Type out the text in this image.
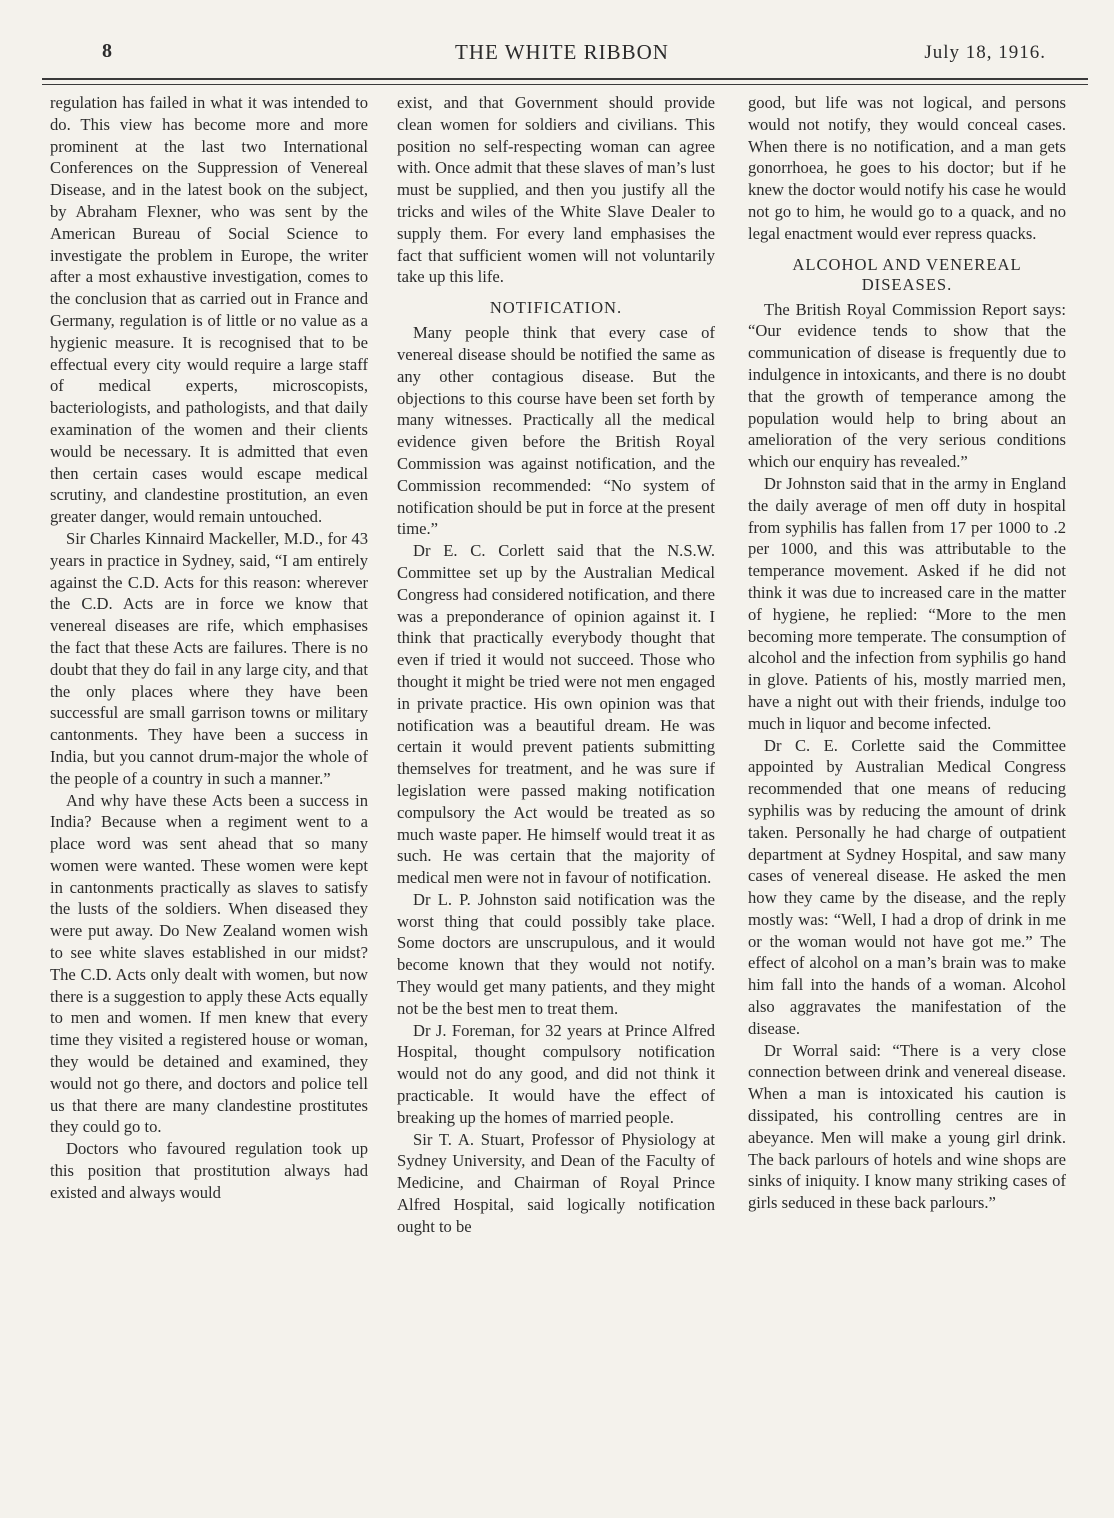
8	THE WHITE RIBBON	July 18, 1916.

regulation has failed in what it was intended to do. This view has become more and more prominent at the last two International Conferences on the Suppression of Venereal Disease, and in the latest book on the subject, by Abraham Flexner, who was sent by the American Bureau of Social Science to investigate the problem in Europe, the writer after a most exhaustive investigation, comes to the conclusion that as carried out in France and Germany, regulation is of little or no value as a hygienic measure. It is recognised that to be effectual every city would require a large staff of medical experts, microscopists, bacteriologists, and pathologists, and that daily examination of the women and their clients would be necessary. It is admitted that even then certain cases would escape medical scrutiny, and clandestine prostitution, an even greater danger, would remain untouched.

Sir Charles Kinnaird Mackeller, M.D., for 43 years in practice in Sydney, said, “I am entirely against the C.D. Acts for this reason: wherever the C.D. Acts are in force we know that venereal diseases are rife, which emphasises the fact that these Acts are failures. There is no doubt that they do fail in any large city, and that the only places where they have been successful are small garrison towns or military cantonments. They have been a success in India, but you cannot drum-major the whole of the people of a country in such a manner.”

And why have these Acts been a success in India? Because when a regiment went to a place word was sent ahead that so many women were wanted. These women were kept in cantonments practically as slaves to satisfy the lusts of the soldiers. When diseased they were put away. Do New Zealand women wish to see white slaves established in our midst? The C.D. Acts only dealt with women, but now there is a suggestion to apply these Acts equally to men and women. If men knew that every time they visited a registered house or woman, they would be detained and examined, they would not go there, and doctors and police tell us that there are many clandestine prostitutes they could go to.

Doctors who favoured regulation took up this position that prostitution always had existed and always would

exist, and that Government should provide clean women for soldiers and civilians. This position no self-respecting woman can agree with. Once admit that these slaves of man’s lust must be supplied, and then you justify all the tricks and wiles of the White Slave Dealer to supply them. For every land emphasises the fact that sufficient women will not voluntarily take up this life.

NOTIFICATION.

Many people think that every case of venereal disease should be notified the same as any other contagious disease. But the objections to this course have been set forth by many witnesses. Practically all the medical evidence given before the British Royal Commission was against notification, and the Commission recommended: “No system of notification should be put in force at the present time.”

Dr E. C. Corlett said that the N.S.W. Committee set up by the Australian Medical Congress had considered notification, and there was a preponderance of opinion against it. I think that practically everybody thought that even if tried it would not succeed. Those who thought it might be tried were not men engaged in private practice. His own opinion was that notification was a beautiful dream. He was certain it would prevent patients submitting themselves for treatment, and he was sure if legislation were passed making notification compulsory the Act would be treated as so much waste paper. He himself would treat it as such. He was certain that the majority of medical men were not in favour of notification.

Dr L. P. Johnston said notification was the worst thing that could possibly take place. Some doctors are unscrupulous, and it would become known that they would not notify. They would get many patients, and they might not be the best men to treat them.

Dr J. Foreman, for 32 years at Prince Alfred Hospital, thought compulsory notification would not do any good, and did not think it practicable. It would have the effect of breaking up the homes of married people.

Sir T. A. Stuart, Professor of Physiology at Sydney University, and Dean of the Faculty of Medicine, and Chairman of Royal Prince Alfred Hospital, said logically notification ought to be

good, but life was not logical, and persons would not notify, they would conceal cases. When there is no notification, and a man gets gonorrhoea, he goes to his doctor; but if he knew the doctor would notify his case he would not go to him, he would go to a quack, and no legal enactment would ever repress quacks.

ALCOHOL AND VENEREAL DISEASES.

The British Royal Commission Report says: “Our evidence tends to show that the communication of disease is frequently due to indulgence in intoxicants, and there is no doubt that the growth of temperance among the population would help to bring about an amelioration of the very serious conditions which our enquiry has revealed.”

Dr Johnston said that in the army in England the daily average of men off duty in hospital from syphilis has fallen from 17 per 1000 to .2 per 1000, and this was attributable to the temperance movement. Asked if he did not think it was due to increased care in the matter of hygiene, he replied: “More to the men becoming more temperate. The consumption of alcohol and the infection from syphilis go hand in glove. Patients of his, mostly married men, have a night out with their friends, indulge too much in liquor and become infected.

Dr C. E. Corlette said the Committee appointed by Australian Medical Congress recommended that one means of reducing syphilis was by reducing the amount of drink taken. Personally he had charge of outpatient department at Sydney Hospital, and saw many cases of venereal disease. He asked the men how they came by the disease, and the reply mostly was: “Well, I had a drop of drink in me or the woman would not have got me.” The effect of alcohol on a man’s brain was to make him fall into the hands of a woman. Alcohol also aggravates the manifestation of the disease.

Dr Worral said: “There is a very close connection between drink and venereal disease. When a man is intoxicated his caution is dissipated, his controlling centres are in abeyance. Men will make a young girl drink. The back parlours of hotels and wine shops are sinks of iniquity. I know many striking cases of girls seduced in these back parlours.”
